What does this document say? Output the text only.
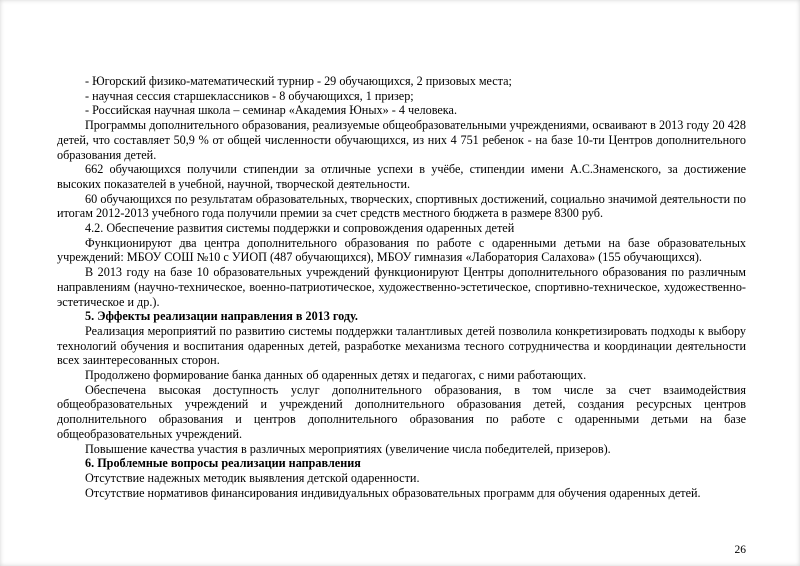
- Югорский физико-математический турнир - 29 обучающихся, 2 призовых места;

- научная сессия старшеклассников - 8 обучающихся, 1 призер;

- Российская научная школа – семинар «Академия Юных» - 4 человека.

Программы дополнительного образования, реализуемые общеобразовательными учреждениями, осваивают в 2013 году 20 428 детей, что составляет 50,9 % от общей численности обучающихся, из них 4 751 ребенок - на базе 10-ти Центров дополнительного образования детей.

662 обучающихся получили стипендии за отличные успехи в учёбе, стипендии имени А.С.Знаменского, за достижение высоких показателей в учебной, научной, творческой деятельности.

60 обучающихся по результатам образовательных, творческих, спортивных достижений, социально значимой деятельности по итогам 2012-2013 учебного года получили премии за счет средств местного бюджета в размере 8300 руб.

4.2. Обеспечение развития системы поддержки и сопровождения одаренных детей

Функционируют два центра дополнительного образования по работе с одаренными детьми на базе образовательных учреждений: МБОУ СОШ №10 с УИОП (487 обучающихся), МБОУ гимназия «Лаборатория Салахова» (155 обучающихся).

В 2013 году на базе 10 образовательных учреждений функционируют Центры дополнительного образования по различным направлениям (научно-техническое, военно-патриотическое, художественно-эстетическое, спортивно-техническое, художественно-эстетическое и др.).

5. Эффекты реализации направления в 2013 году.

Реализация мероприятий по развитию системы поддержки талантливых детей позволила конкретизировать подходы к выбору технологий обучения и воспитания одаренных детей, разработке механизма тесного сотрудничества и координации деятельности всех заинтересованных сторон.

Продолжено формирование банка данных об одаренных детях и педагогах, с ними работающих.

Обеспечена высокая доступность услуг дополнительного образования, в том числе за счет взаимодействия общеобразовательных учреждений и учреждений дополнительного образования детей, создания ресурсных центров дополнительного образования и центров дополнительного образования по работе с одаренными детьми на базе общеобразовательных учреждений.

Повышение качества участия в различных мероприятиях (увеличение числа победителей, призеров).

6. Проблемные вопросы реализации направления

Отсутствие надежных методик выявления детской одаренности.

Отсутствие нормативов финансирования индивидуальных образовательных программ для обучения одаренных детей.

26
